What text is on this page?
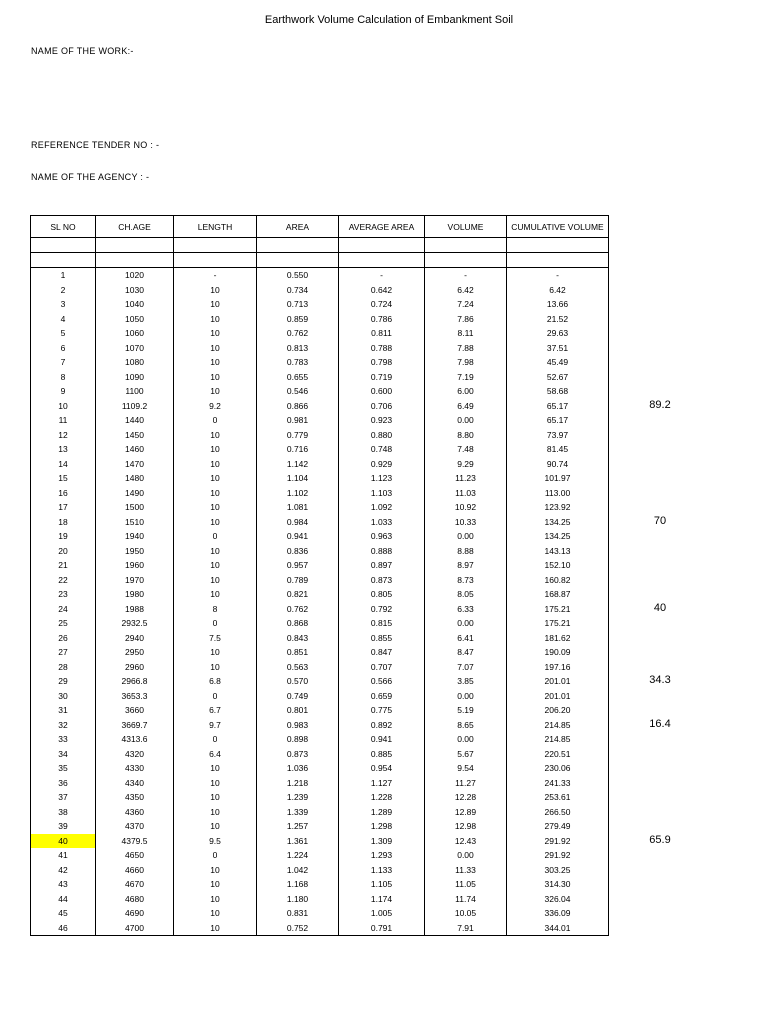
Earthwork Volume Calculation of Embankment Soil
NAME OF THE WORK:-
REFERENCE TENDER NO : -
NAME OF THE AGENCY : -
SL NO	CH.AGE	LENGTH	AREA	AVERAGE AREA	VOLUME	CUMULATIVE VOLUME

1	1020	-	0.550	-	-	-
2	1030	10	0.734	0.642	6.42	6.42
3	1040	10	0.713	0.724	7.24	13.66
4	1050	10	0.859	0.786	7.86	21.52
5	1060	10	0.762	0.811	8.11	29.63
6	1070	10	0.813	0.788	7.88	37.51
7	1080	10	0.783	0.798	7.98	45.49
8	1090	10	0.655	0.719	7.19	52.67
9	1100	10	0.546	0.600	6.00	58.68
10	1109.2	9.2	0.866	0.706	6.49	65.17
11	1440	0	0.981	0.923	0.00	65.17
12	1450	10	0.779	0.880	8.80	73.97
13	1460	10	0.716	0.748	7.48	81.45
14	1470	10	1.142	0.929	9.29	90.74
15	1480	10	1.104	1.123	11.23	101.97
16	1490	10	1.102	1.103	11.03	113.00
17	1500	10	1.081	1.092	10.92	123.92
18	1510	10	0.984	1.033	10.33	134.25
19	1940	0	0.941	0.963	0.00	134.25
20	1950	10	0.836	0.888	8.88	143.13
21	1960	10	0.957	0.897	8.97	152.10
22	1970	10	0.789	0.873	8.73	160.82
23	1980	10	0.821	0.805	8.05	168.87
24	1988	8	0.762	0.792	6.33	175.21
25	2932.5	0	0.868	0.815	0.00	175.21
26	2940	7.5	0.843	0.855	6.41	181.62
27	2950	10	0.851	0.847	8.47	190.09
28	2960	10	0.563	0.707	7.07	197.16
29	2966.8	6.8	0.570	0.566	3.85	201.01
30	3653.3	0	0.749	0.659	0.00	201.01
31	3660	6.7	0.801	0.775	5.19	206.20
32	3669.7	9.7	0.983	0.892	8.65	214.85
33	4313.6	0	0.898	0.941	0.00	214.85
34	4320	6.4	0.873	0.885	5.67	220.51
35	4330	10	1.036	0.954	9.54	230.06
36	4340	10	1.218	1.127	11.27	241.33
37	4350	10	1.239	1.228	12.28	253.61
38	4360	10	1.339	1.289	12.89	266.50
39	4370	10	1.257	1.298	12.98	279.49
40	4379.5	9.5	1.361	1.309	12.43	291.92
41	4650	0	1.224	1.293	0.00	291.92
42	4660	10	1.042	1.133	11.33	303.25
43	4670	10	1.168	1.105	11.05	314.30
44	4680	10	1.180	1.174	11.74	326.04
45	4690	10	0.831	1.005	10.05	336.09
46	4700	10	0.752	0.791	7.91	344.01
89.2
70
40
34.3
16.4
65.9
